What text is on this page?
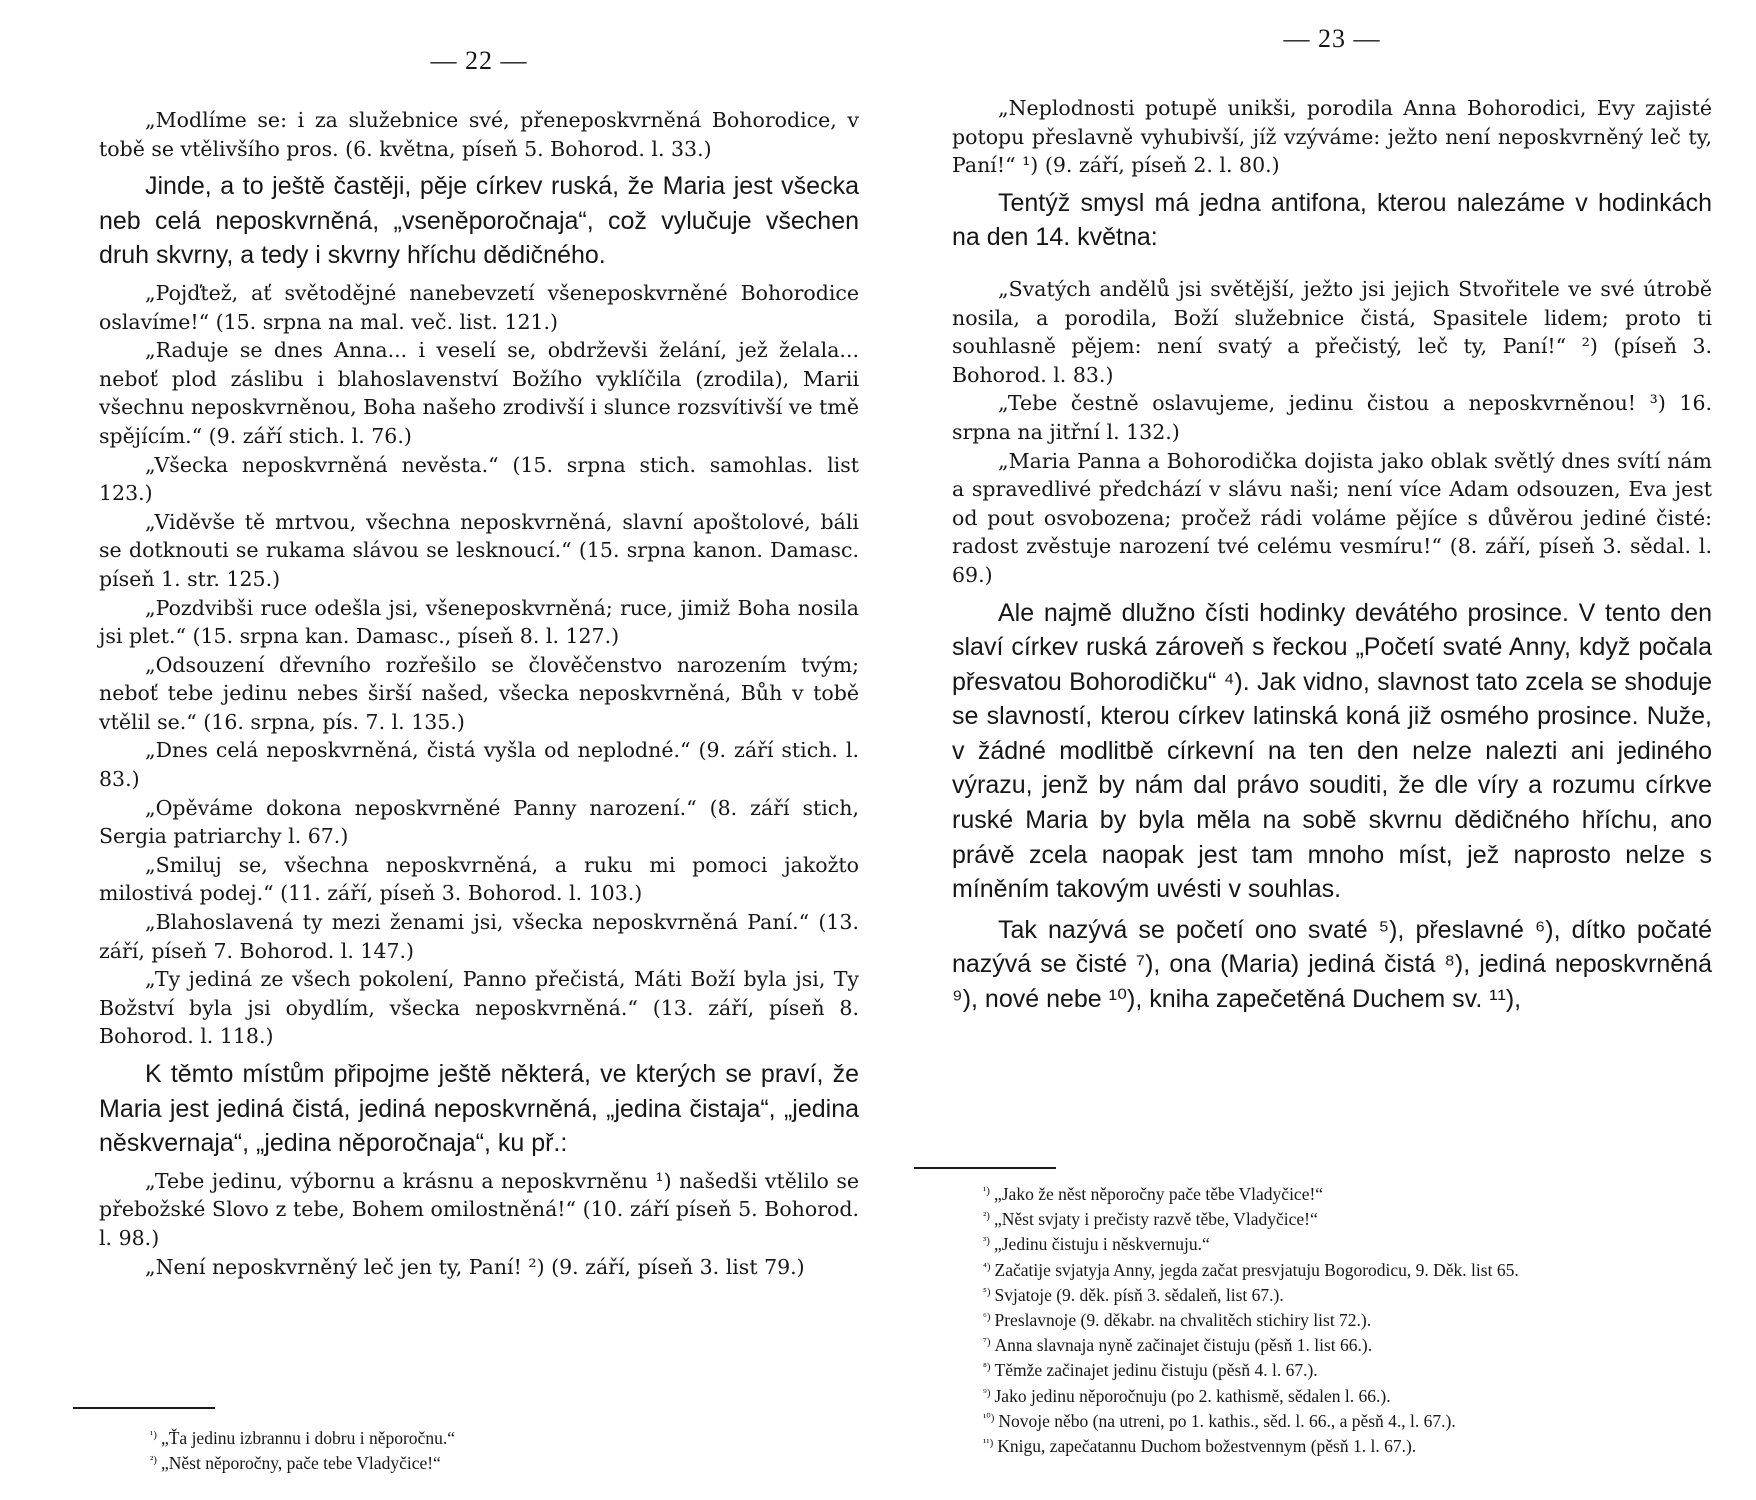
— 22 —

„Modlíme se: i za služebnice své, přeneposkvrněná Bohorodice, v tobě se vtělivšího pros. (6. května, píseň 5. Bohorod. l. 33.)

Jinde, a to ještě častěji, pěje církev ruská, že Maria jest všecka neb celá neposkvrněná, „vseněporočnaja“, což vylučuje všechen druh skvrny, a tedy i skvrny hříchu dědičného.

„Pojďtež, ať světodějné nanebevzetí všeneposkvrněné Bohorodice oslavíme!“ (15. srpna na mal. več. list. 121.)

„Raduje se dnes Anna... i veselí se, obdrževši želání, jež želala... neboť plod záslibu i blahoslavenství Božího vyklíčila (zrodila), Marii všechnu neposkvrněnou, Boha našeho zrodivší i slunce rozsvítivší ve tmě spějícím.“ (9. září stich. l. 76.)

„Všecka neposkvrněná nevěsta.“ (15. srpna stich. samohlas. list 123.)

„Viděvše tě mrtvou, všechna neposkvrněná, slavní apoštolové, báli se dotknouti se rukama slávou se lesknoucí.“ (15. srpna kanon. Damasc. píseň 1. str. 125.)

„Pozdvibši ruce odešla jsi, všeneposkvrněná; ruce, jimiž Boha nosila jsi plet.“ (15. srpna kan. Damasc., píseň 8. l. 127.)

„Odsouzení dřevního rozřešilo se člověčenstvo narozením tvým; neboť tebe jedinu nebes širší našed, všecka neposkvrněná, Bůh v tobě vtělil se.“ (16. srpna, pís. 7. l. 135.)

„Dnes celá neposkvrněná, čistá vyšla od neplodné.“ (9. září stich. l. 83.)

„Opěváme dokona neposkvrněné Panny narození.“ (8. září stich, Sergia patriarchy l. 67.)

„Smiluj se, všechna neposkvrněná, a ruku mi pomoci jakožto milostivá podej.“ (11. září, píseň 3. Bohorod. l. 103.)

„Blahoslavená ty mezi ženami jsi, všecka neposkvrněná Paní.“ (13. září, píseň 7. Bohorod. l. 147.)

„Ty jediná ze všech pokolení, Panno přečistá, Máti Boží byla jsi, Ty Božství byla jsi obydlím, všecka neposkvrněná.“ (13. září, píseň 8. Bohorod. l. 118.)

K těmto místům připojme ještě některá, ve kterých se praví, že Maria jest jediná čistá, jediná neposkvrněná, „jedina čistaja“, „jedina něskvernaja“, „jedina něporočnaja“, ku př.:

„Tebe jedinu, výbornu a krásnu a neposkvrněnu ¹) našedši vtělilo se přebožské Slovo z tebe, Bohem omilostněná!“ (10. září píseň 5. Bohorod. l. 98.)

„Není neposkvrněný leč jen ty, Paní! ²) (9. září, píseň 3. list 79.)

$^{^1)}$ „Ťa jedinu izbrannu i dobru i něporočnu.“
$^{^2)}$ „Něst něporočny, pače tebe Vladyčice!“
— 23 —

„Neplodnosti potupě unikši, porodila Anna Bohorodici, Evy zajisté potopu přeslavně vyhubivší, jíž vzýváme: ježto není neposkvrněný leč ty, Paní!“ ¹) (9. září, píseň 2. l. 80.)

Tentýž smysl má jedna antifona, kterou nalezáme v hodinkách na den 14. května:

„Svatých andělů jsi světější, ježto jsi jejich Stvořitele ve své útrobě nosila, a porodila, Boží služebnice čistá, Spasitele lidem; proto ti souhlasně pějem: není svatý a přečistý, leč ty, Paní!“ ²) (píseň 3. Bohorod. l. 83.)

„Tebe čestně oslavujeme, jedinu čistou a neposkvrněnou! ³) 16. srpna na jitřní l. 132.)

„Maria Panna a Bohorodička dojista jako oblak světlý dnes svítí nám a spravedlivé předchází v slávu naši; není více Adam odsouzen, Eva jest od pout osvobozena; pročež rádi voláme pějíce s důvěrou jediné čisté: radost zvěstuje narození tvé celému vesmíru!“ (8. září, píseň 3. sědal. l. 69.)

Ale najmě dlužno čísti hodinky devátého prosince. V tento den slaví církev ruská zároveň s řeckou „Početí svaté Anny, když počala přesvatou Bohorodičku“ ⁴). Jak vidno, slavnost tato zcela se shoduje se slavností, kterou církev latinská koná již osmého prosince. Nuže, v žádné modlitbě církevní na ten den nelze nalezti ani jediného výrazu, jenž by nám dal právo souditi, že dle víry a rozumu církve ruské Maria by byla měla na sobě skvrnu dědičného hříchu, ano právě zcela naopak jest tam mnoho míst, jež naprosto nelze s míněním takovým uvésti v souhlas.

Tak nazývá se početí ono svaté ⁵), přeslavné ⁶), dítko počaté nazývá se čisté ⁷), ona (Maria) jediná čistá ⁸), jediná neposkvrněná ⁹), nové nebe ¹⁰), kniha zapečetěná Duchem sv. ¹¹),

$^{^1)}$ „Jako že něst něporočny pače těbe Vladyčice!“
$^{^2)}$ „Něst svjaty i prečisty razvě těbe, Vladyčice!“
$^{^3)}$ „Jedinu čistuju i něskvernuju.“
$^{^4)}$ Začatije svjatyja Anny, jegda začat presvjatuju Bogorodicu, 9. Děk. list 65.
$^{^5)}$ Svjatoje (9. děk. písň 3. sědaleň, list 67.).
$^{^6)}$ Preslavnoje (9. děkabr. na chvalitěch stichiry list 72.).
$^{^7)}$ Anna slavnaja nyně začinajet čistuju (pěsň 1. list 66.).
$^{^8)}$ Těmže začinajet jedinu čistuju (pěsň 4. l. 67.).
$^{^9)}$ Jako jedinu něporočnuju (po 2. kathismě, sědalen l. 66.).
$^{^{10})}$ Novoje něbo (na utreni, po 1. kathis., sěd. l. 66., a pěsň 4., l. 67.).
$^{^{11})}$ Knigu, zapečatannu Duchom božestvennym (pěsň 1. l. 67.).
